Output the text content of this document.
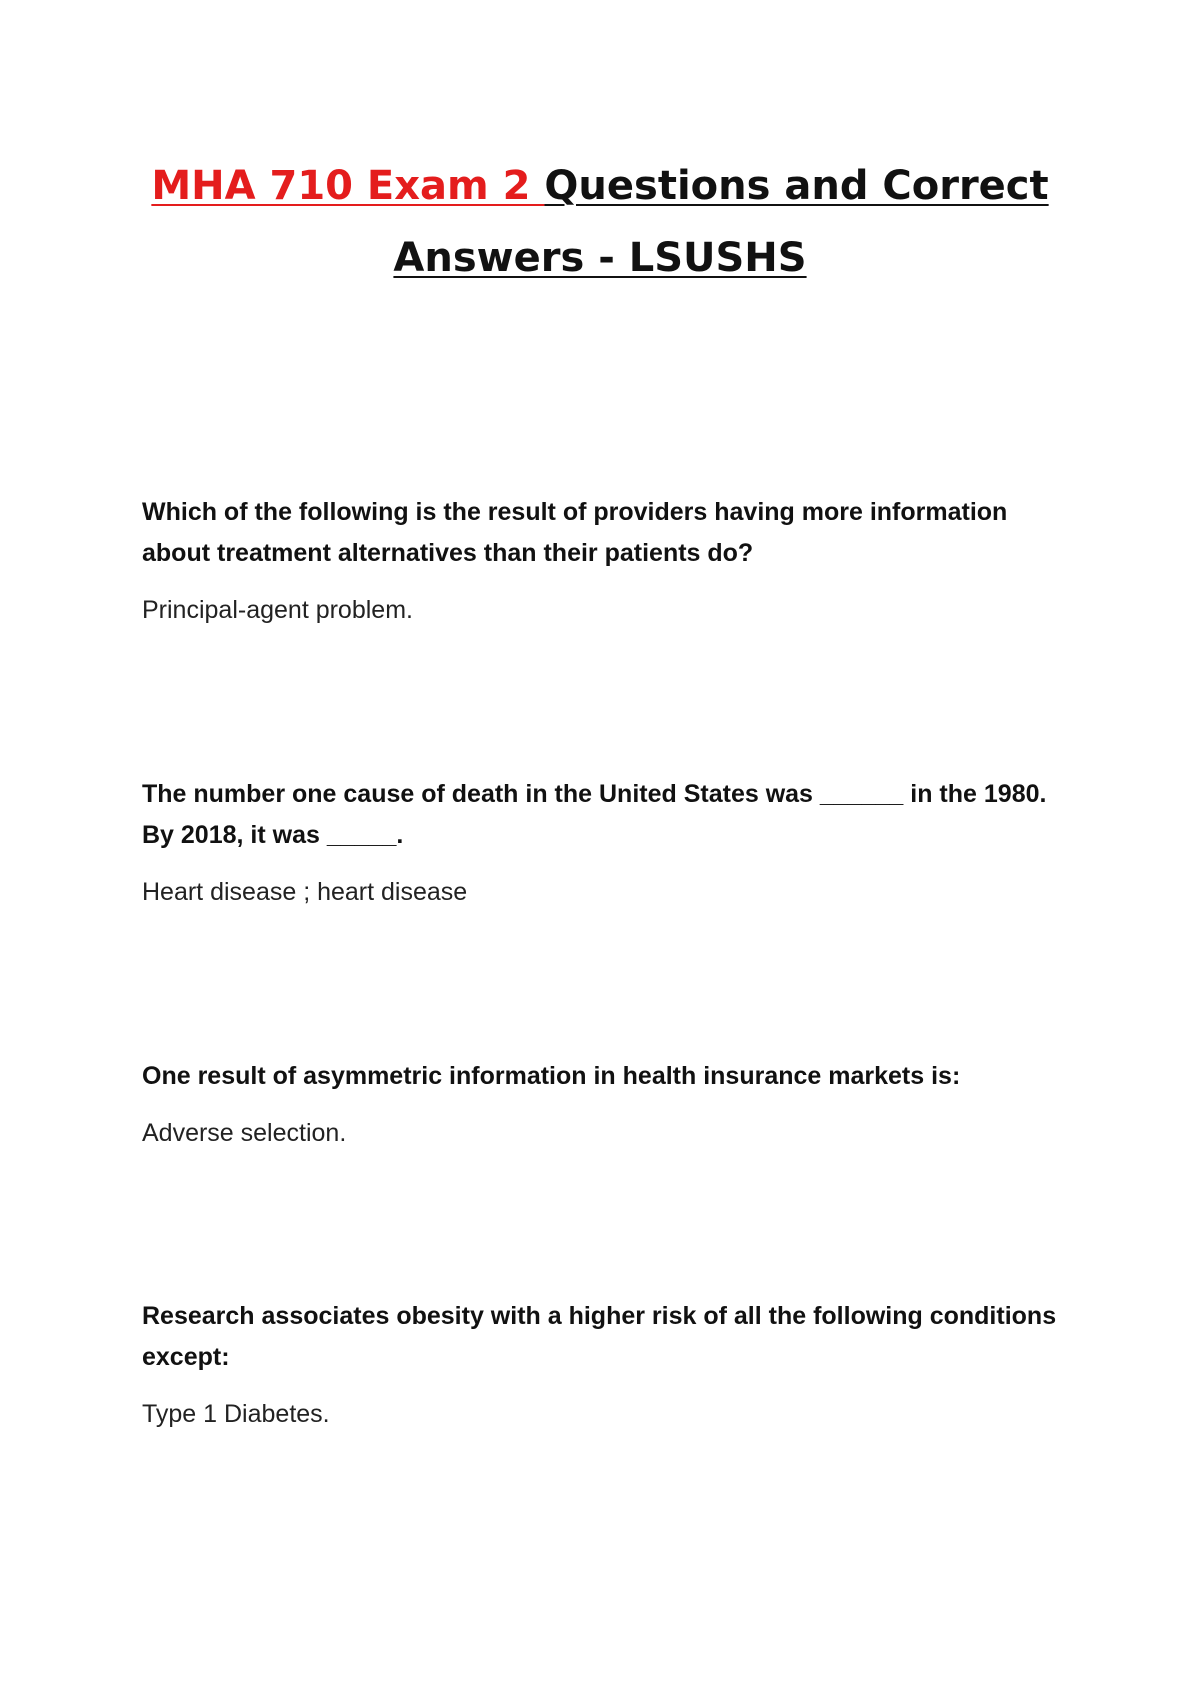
MHA 710 Exam 2 Questions and Correct
Answers - LSUSHS

Which of the following is the result of providers having more information about treatment alternatives than their patients do?

Principal-agent problem.

The number one cause of death in the United States was ______ in the 1980. By 2018, it was _____.

Heart disease ; heart disease

One result of asymmetric information in health insurance markets is:

Adverse selection.

Research associates obesity with a higher risk of all the following conditions except:

Type 1 Diabetes.
